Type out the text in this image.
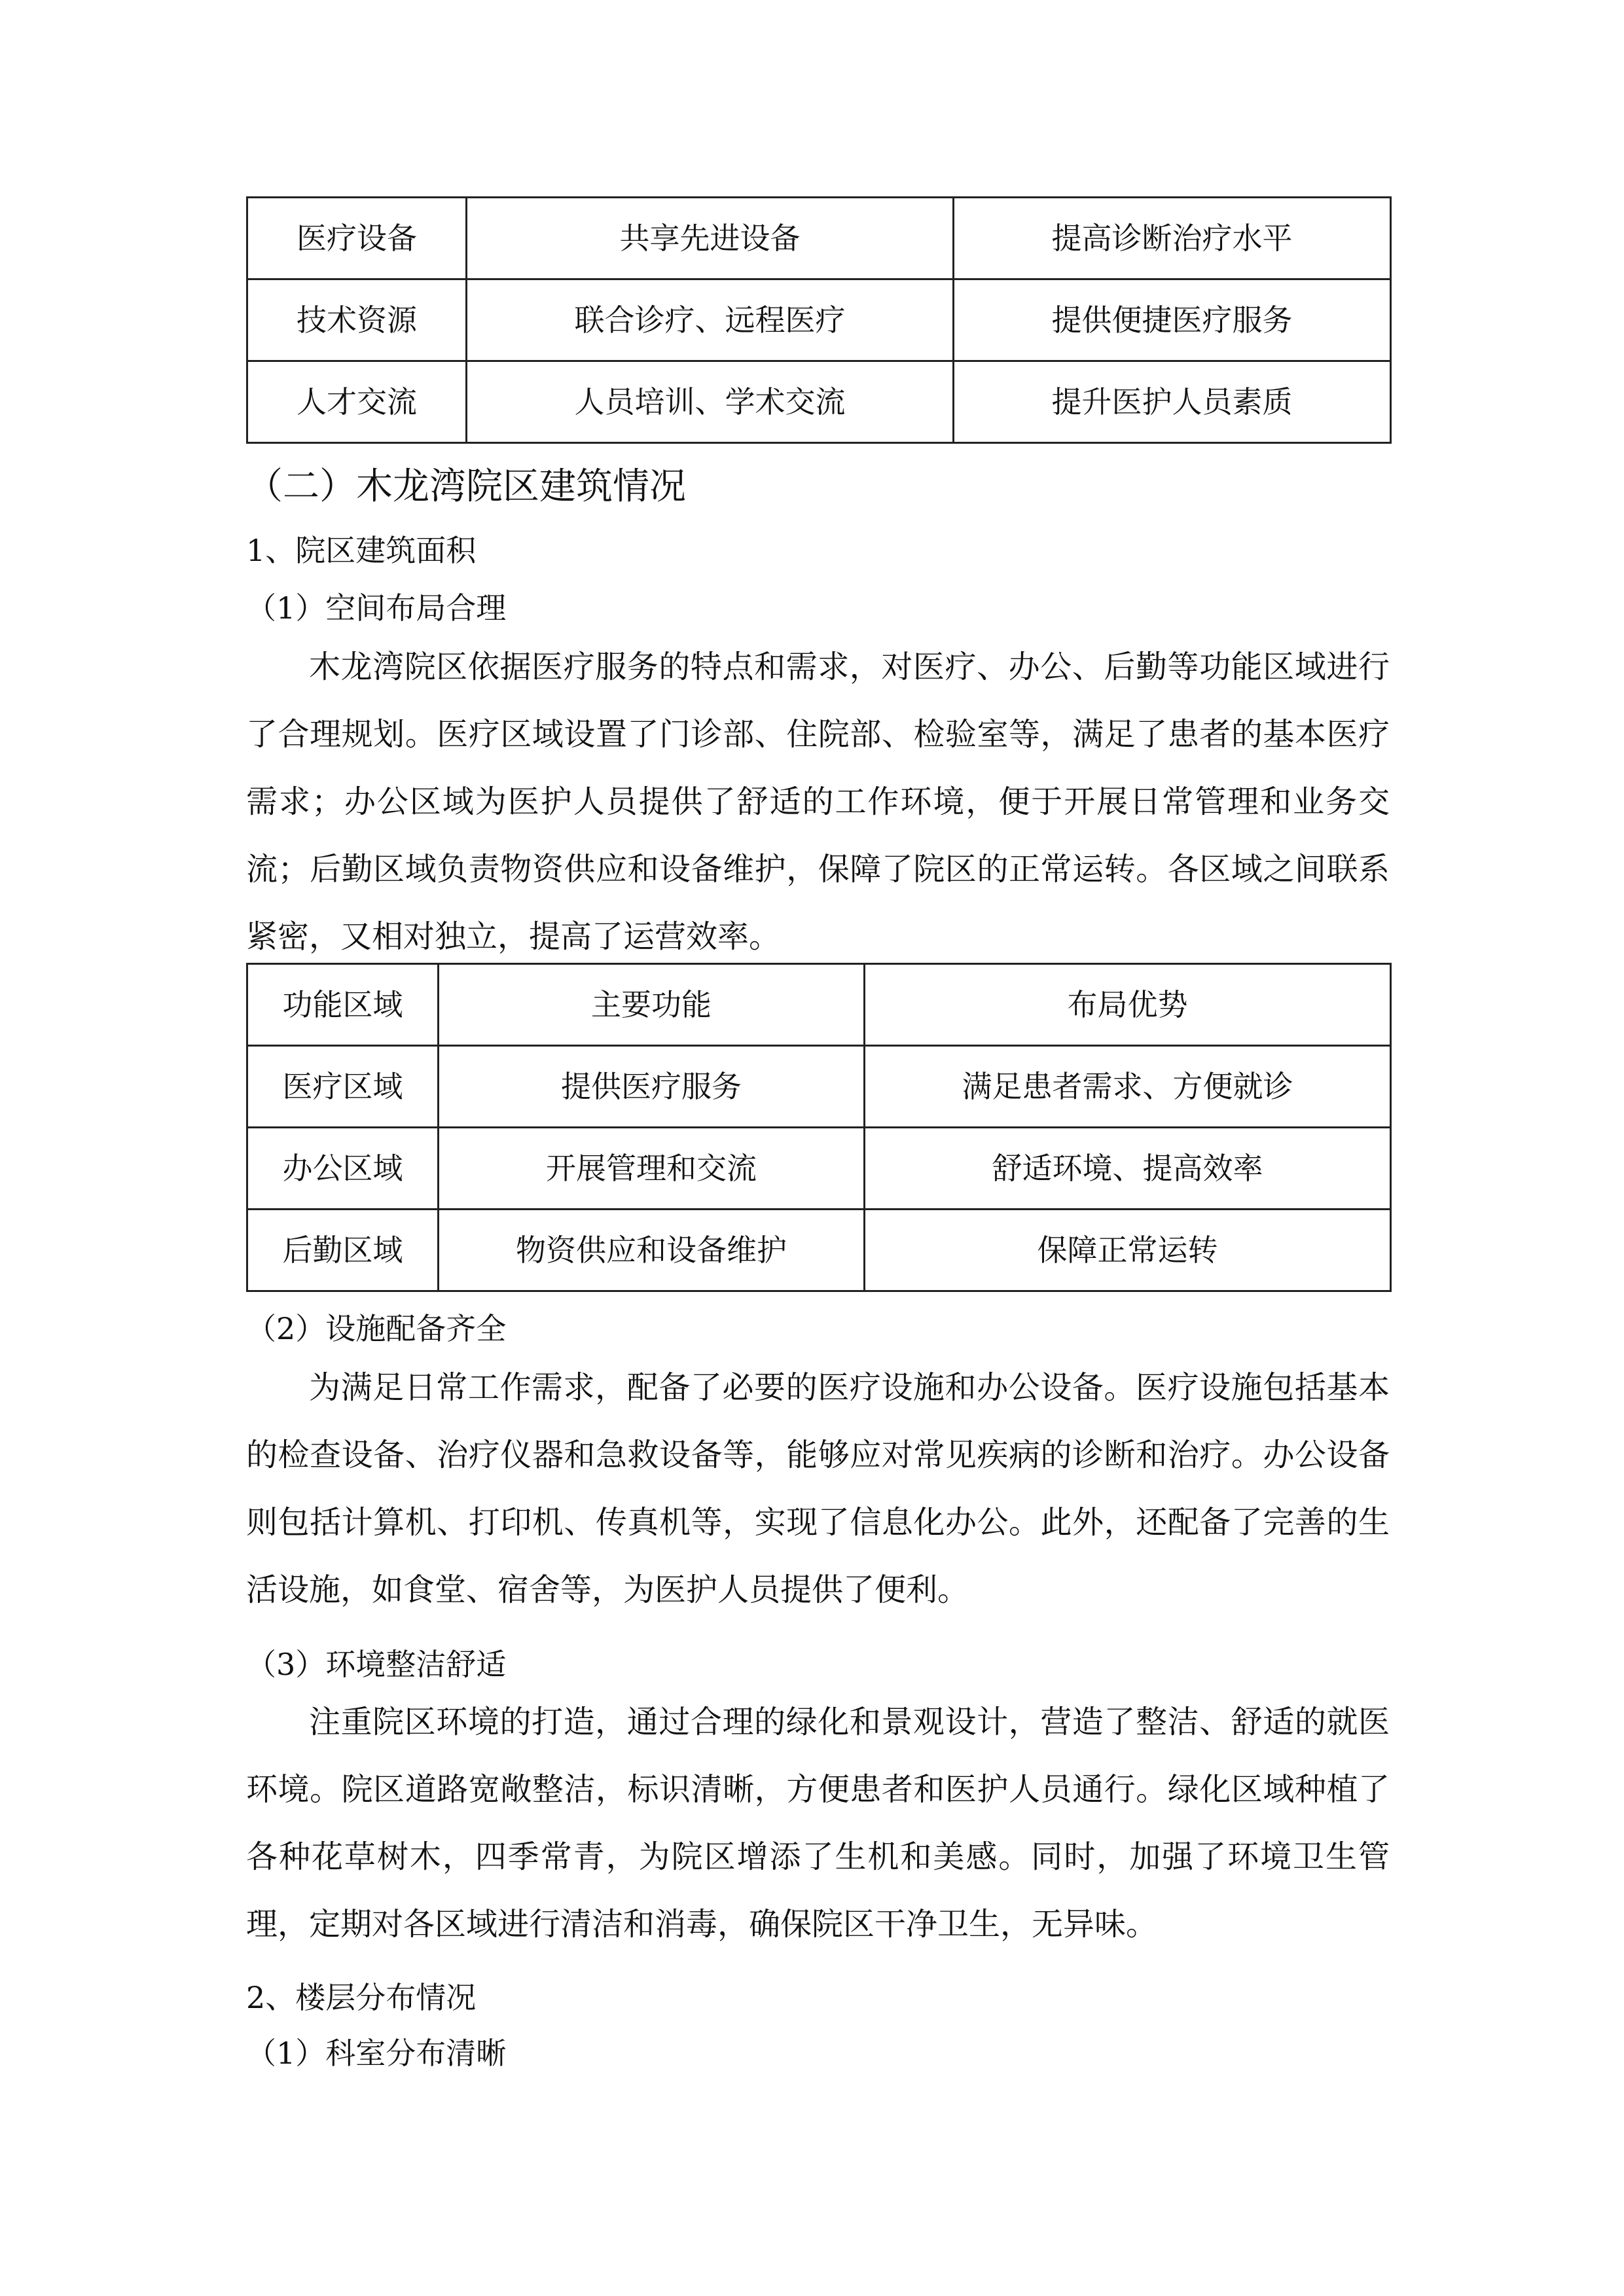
医疗设备	共享先进设备	提高诊断治疗水平
技术资源	联合诊疗、远程医疗	提供便捷医疗服务
人才交流	人员培训、学术交流	提升医护人员素质
（二）木龙湾院区建筑情况
1、院区建筑面积
（1）空间布局合理

木龙湾院区依据医疗服务的特点和需求，对医疗、办公、后勤等功能区域进行了合理规划。医疗区域设置了门诊部、住院部、检验室等，满足了患者的基本医疗需求；办公区域为医护人员提供了舒适的工作环境，便于开展日常管理和业务交流；后勤区域负责物资供应和设备维护，保障了院区的正常运转。各区域之间联系紧密，又相对独立，提高了运营效率。

功能区域	主要功能	布局优势
医疗区域	提供医疗服务	满足患者需求、方便就诊
办公区域	开展管理和交流	舒适环境、提高效率
后勤区域	物资供应和设备维护	保障正常运转
（2）设施配备齐全

为满足日常工作需求，配备了必要的医疗设施和办公设备。医疗设施包括基本的检查设备、治疗仪器和急救设备等，能够应对常见疾病的诊断和治疗。办公设备则包括计算机、打印机、传真机等，实现了信息化办公。此外，还配备了完善的生活设施，如食堂、宿舍等，为医护人员提供了便利。

（3）环境整洁舒适

注重院区环境的打造，通过合理的绿化和景观设计，营造了整洁、舒适的就医环境。院区道路宽敞整洁，标识清晰，方便患者和医护人员通行。绿化区域种植了各种花草树木，四季常青，为院区增添了生机和美感。同时，加强了环境卫生管理，定期对各区域进行清洁和消毒，确保院区干净卫生，无异味。

2、楼层分布情况
（1）科室分布清晰
